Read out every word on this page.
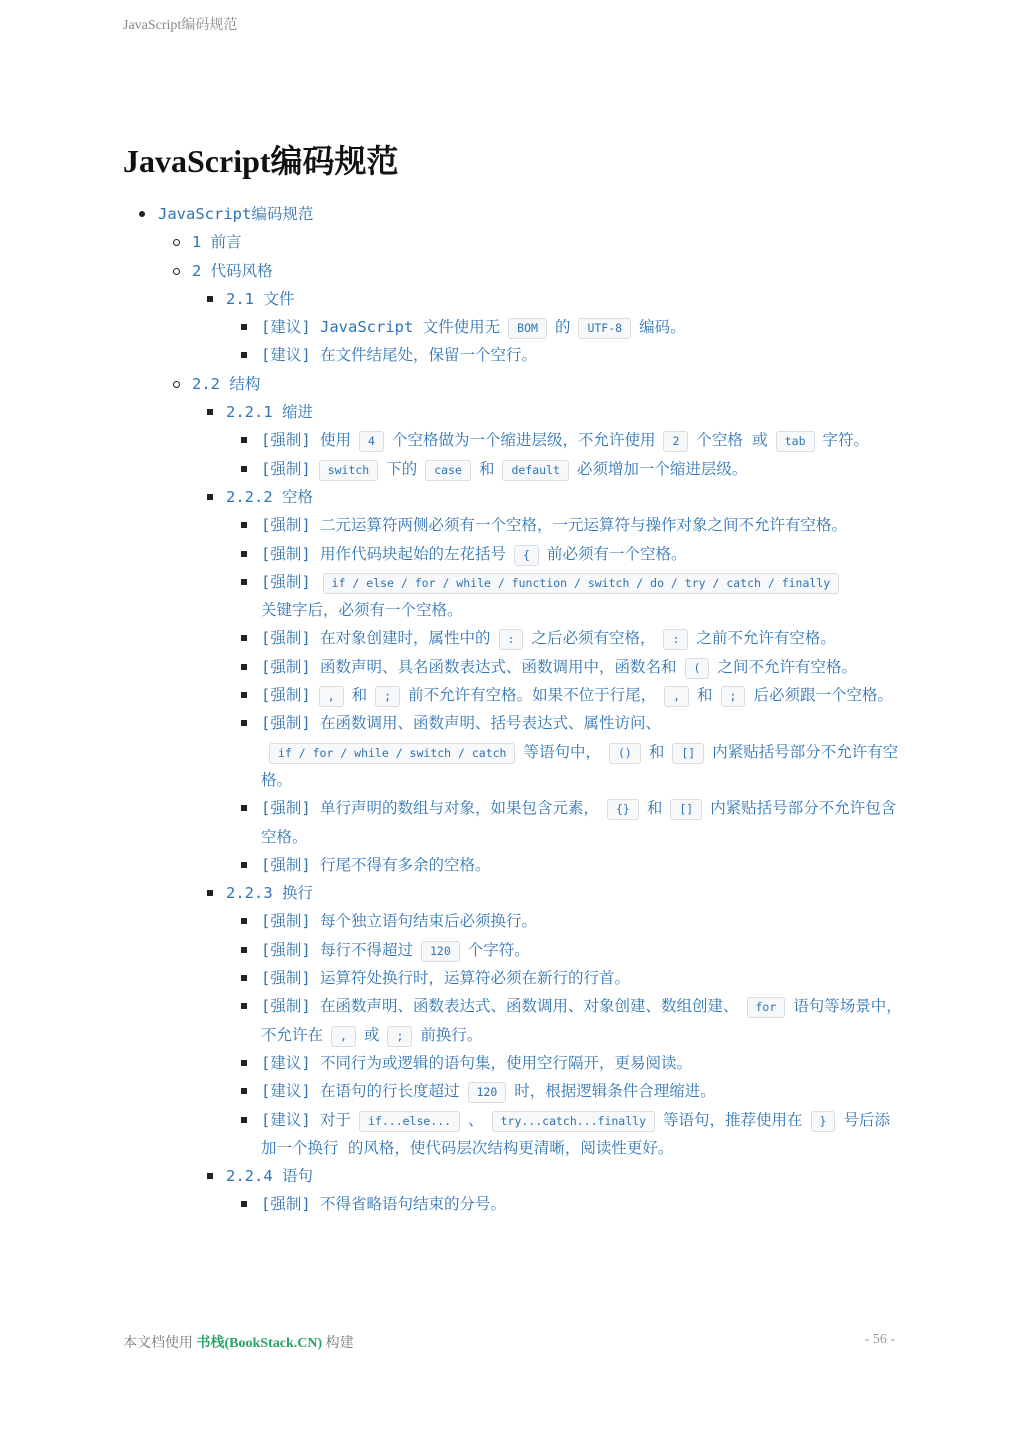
JavaScript编码规范
JavaScript编码规范
JavaScript编码规范
1 前言
2 代码风格
2.1 文件
[建议] JavaScript 文件使用无 BOM 的 UTF-8 编码。
[建议] 在文件结尾处，保留一个空行。
2.2 结构
2.2.1 缩进
[强制] 使用 4 个空格做为一个缩进层级，不允许使用 2 个空格 或 tab 字符。
[强制] switch 下的 case 和 default 必须增加一个缩进层级。
2.2.2 空格
[强制] 二元运算符两侧必须有一个空格，一元运算符与操作对象之间不允许有空格。
[强制] 用作代码块起始的左花括号 { 前必须有一个空格。
[强制] if / else / for / while / function / switch / do / try / catch / finally
关键字后，必须有一个空格。
[强制] 在对象创建时，属性中的 : 之后必须有空格， : 之前不允许有空格。
[强制] 函数声明、具名函数表达式、函数调用中，函数名和 ( 之间不允许有空格。
[强制] , 和 ; 前不允许有空格。如果不位于行尾， , 和 ; 后必须跟一个空格。
[强制] 在函数调用、函数声明、括号表达式、属性访问、if / for / while / switch / catch 等语句中， () 和 [] 内紧贴括号部分不允许有空格。
[强制] 单行声明的数组与对象，如果包含元素， {} 和 [] 内紧贴括号部分不允许包含空格。
[强制] 行尾不得有多余的空格。
2.2.3 换行
[强制] 每个独立语句结束后必须换行。
[强制] 每行不得超过 120 个字符。
[强制] 运算符处换行时，运算符必须在新行的行首。
[强制] 在函数声明、函数表达式、函数调用、对象创建、数组创建、 for 语句等场景中，不允许在 , 或 ; 前换行。
[建议] 不同行为或逻辑的语句集，使用空行隔开，更易阅读。
[建议] 在语句的行长度超过 120 时，根据逻辑条件合理缩进。
[建议] 对于 if...else... 、 try...catch...finally 等语句，推荐使用在 } 号后添加一个换行 的风格，使代码层次结构更清晰，阅读性更好。
2.2.4 语句
[强制] 不得省略语句结束的分号。
本文档使用 书栈(BookStack.CN) 构建	- 56 -
